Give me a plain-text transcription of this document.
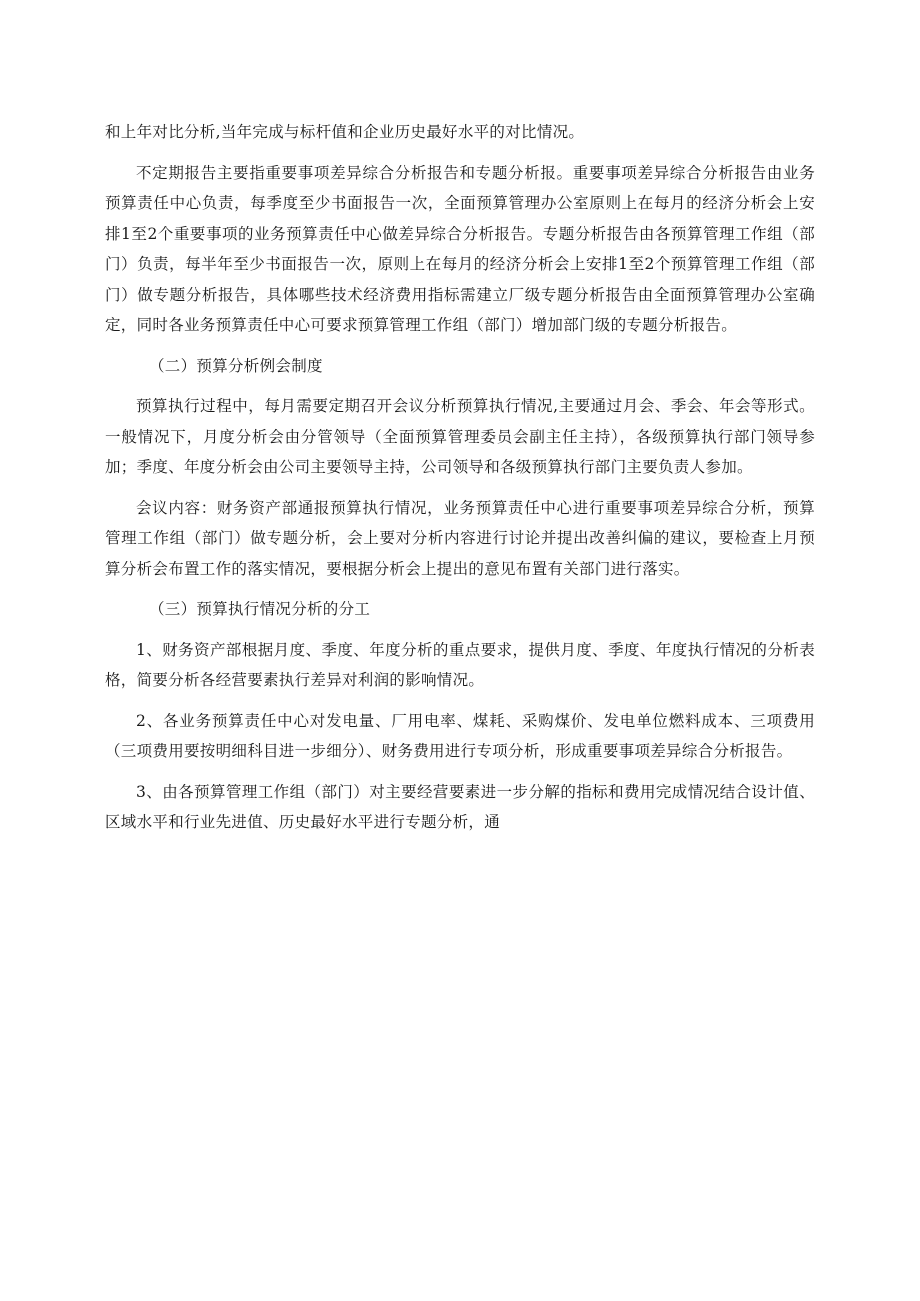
和上年对比分析,当年完成与标杆值和企业历史最好水平的对比情况。

不定期报告主要指重要事项差异综合分析报告和专题分析报。重要事项差异综合分析报告由业务预算责任中心负责，每季度至少书面报告一次，全面预算管理办公室原则上在每月的经济分析会上安排1至2个重要事项的业务预算责任中心做差异综合分析报告。专题分析报告由各预算管理工作组（部门）负责，每半年至少书面报告一次，原则上在每月的经济分析会上安排1至2个预算管理工作组（部门）做专题分析报告，具体哪些技术经济费用指标需建立厂级专题分析报告由全面预算管理办公室确定，同时各业务预算责任中心可要求预算管理工作组（部门）增加部门级的专题分析报告。

（二）预算分析例会制度

预算执行过程中，每月需要定期召开会议分析预算执行情况,主要通过月会、季会、年会等形式。一般情况下，月度分析会由分管领导（全面预算管理委员会副主任主持），各级预算执行部门领导参加；季度、年度分析会由公司主要领导主持，公司领导和各级预算执行部门主要负责人参加。

会议内容：财务资产部通报预算执行情况，业务预算责任中心进行重要事项差异综合分析，预算管理工作组（部门）做专题分析，会上要对分析内容进行讨论并提出改善纠偏的建议，要检查上月预算分析会布置工作的落实情况，要根据分析会上提出的意见布置有关部门进行落实。

（三）预算执行情况分析的分工

1、财务资产部根据月度、季度、年度分析的重点要求，提供月度、季度、年度执行情况的分析表格，简要分析各经营要素执行差异对利润的影响情况。

2、各业务预算责任中心对发电量、厂用电率、煤耗、采购煤价、发电单位燃料成本、三项费用（三项费用要按明细科目进一步细分）、财务费用进行专项分析，形成重要事项差异综合分析报告。

3、由各预算管理工作组（部门）对主要经营要素进一步分解的指标和费用完成情况结合设计值、区域水平和行业先进值、历史最好水平进行专题分析，通
